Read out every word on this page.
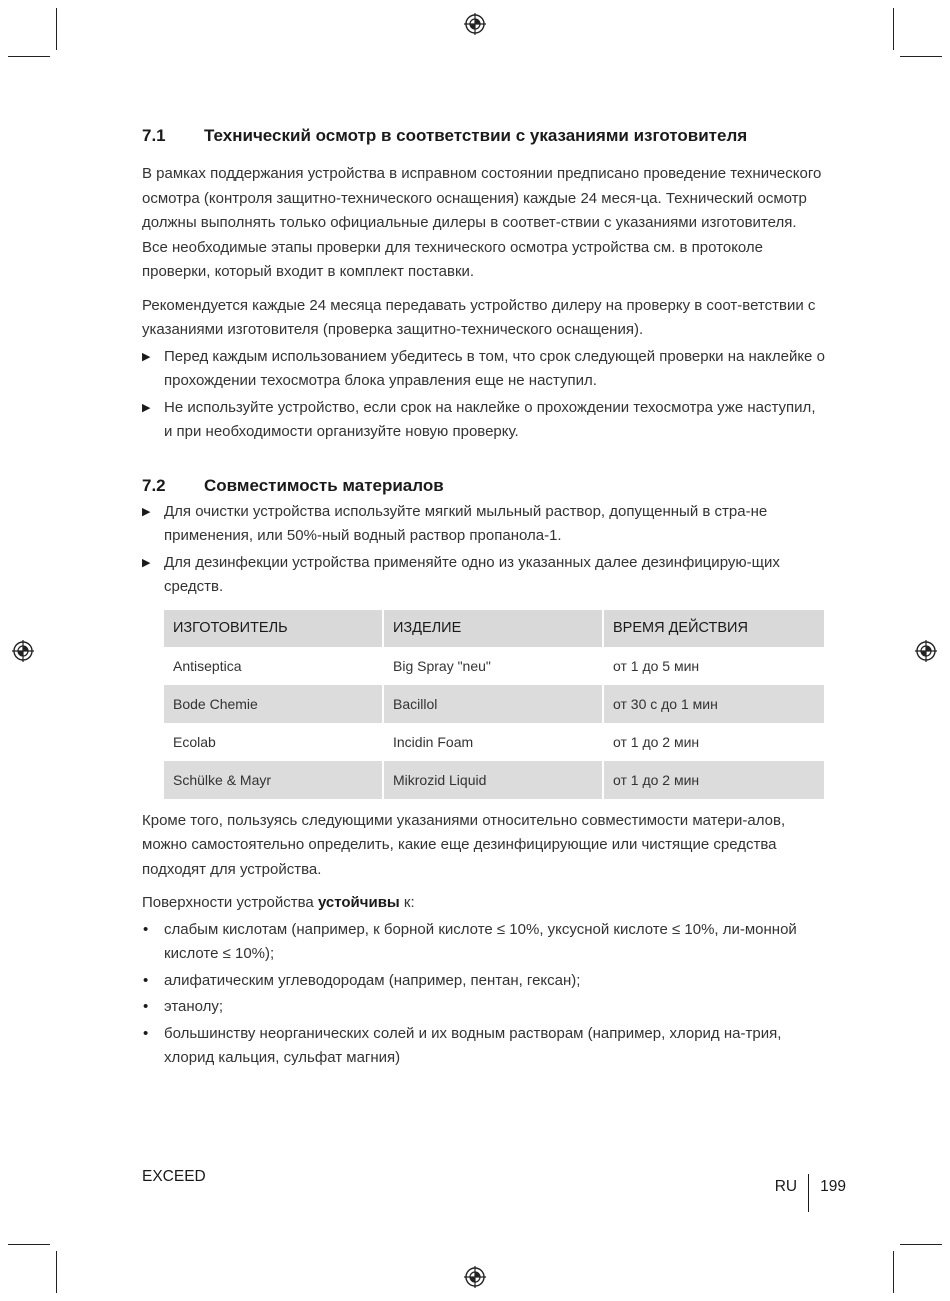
7.1	Технический осмотр в соответствии с указаниями изготовителя

В рамках поддержания устройства в исправном состоянии предписано проведение технического осмотра (контроля защитно-технического оснащения) каждые 24 меся-ца. Технический осмотр должны выполнять только официальные дилеры в соответ-ствии с указаниями изготовителя. Все необходимые этапы проверки для технического осмотра устройства см. в протоколе проверки, который входит в комплект поставки.

Рекомендуется каждые 24 месяца передавать устройство дилеру на проверку в соот-ветствии с указаниями изготовителя (проверка защитно-технического оснащения).

▶ Перед каждым использованием убедитесь в том, что срок следующей проверки на наклейке о прохождении техосмотра блока управления еще не наступил.
▶ Не используйте устройство, если срок на наклейке о прохождении техосмотра уже наступил, и при необходимости организуйте новую проверку.
7.2	Совместимость материалов
▶ Для очистки устройства используйте мягкий мыльный раствор, допущенный в стра-не применения, или 50%-ный водный раствор пропанола-1.
▶ Для дезинфекции устройства применяйте одно из указанных далее дезинфицирую-щих средств.
ИЗГОТОВИТЕЛЬ	ИЗДЕЛИЕ	ВРЕМЯ ДЕЙСТВИЯ
Antiseptica	Big Spray "neu"	от 1 до 5 мин
Bode Chemie	Bacillol	от 30 с до 1 мин
Ecolab	Incidin Foam	от 1 до 2 мин
Schülke & Mayr	Mikrozid Liquid	от 1 до 2 мин

Кроме того, пользуясь следующими указаниями относительно совместимости матери-алов, можно самостоятельно определить, какие еще дезинфицирующие или чистящие средства подходят для устройства.

Поверхности устройства устойчивы к:

• слабым кислотам (например, к борной кислоте ≤ 10%, уксусной кислоте ≤ 10%, ли-монной кислоте ≤ 10%);
• алифатическим углеводородам (например, пентан, гексан);
• этанолу;
• большинству неорганических солей и их водным растворам (например, хлорид на-трия, хлорид кальция, сульфат магния)
EXCEED
RU 199
